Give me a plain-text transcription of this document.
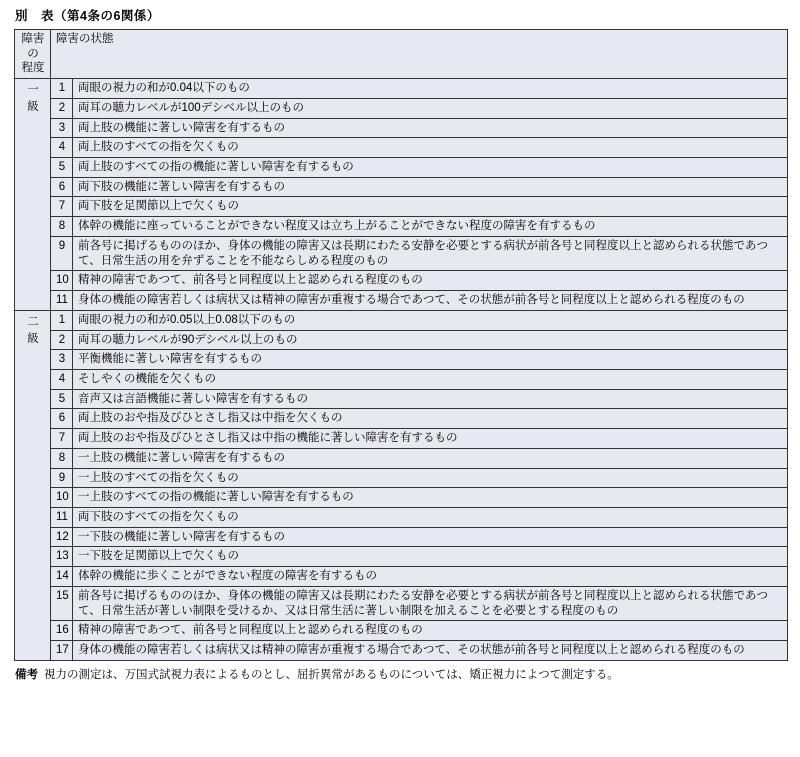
別　表（第4条の6関係）
障害の
程度	障害の状態	

一
級	1	両眼の視力の和が0.04以下のもの
	2	両耳の聴力レベルが100デシベル以上のもの
	3	両上肢の機能に著しい障害を有するもの
	4	両上肢のすべての指を欠くもの
	5	両上肢のすべての指の機能に著しい障害を有するもの
	6	両下肢の機能に著しい障害を有するもの
	7	両下肢を足関節以上で欠くもの
	8	体幹の機能に座っていることができない程度又は立ち上がることができない程度の障害を有するもの
	9	前各号に掲げるもののほか、身体の機能の障害又は長期にわたる安静を必要とする病状が前各号と同程度以上と認められる状態であつて、日常生活の用を弁ずることを不能ならしめる程度のもの
	10	精神の障害であつて、前各号と同程度以上と認められる程度のもの
	11	身体の機能の障害若しくは病状又は精神の障害が重複する場合であつて、その状態が前各号と同程度以上と認められる程度のもの

二
級	1	両眼の視力の和が0.05以上0.08以下のもの
	2	両耳の聴力レベルが90デシベル以上のもの
	3	平衡機能に著しい障害を有するもの
	4	そしやくの機能を欠くもの
	5	音声又は言語機能に著しい障害を有するもの
	6	両上肢のおや指及びひとさし指又は中指を欠くもの
	7	両上肢のおや指及びひとさし指又は中指の機能に著しい障害を有するもの
	8	一上肢の機能に著しい障害を有するもの
	9	一上肢のすべての指を欠くもの
	10	一上肢のすべての指の機能に著しい障害を有するもの
	11	両下肢のすべての指を欠くもの
	12	一下肢の機能に著しい障害を有するもの
	13	一下肢を足関節以上で欠くもの
	14	体幹の機能に歩くことができない程度の障害を有するもの
	15	前各号に掲げるもののほか、身体の機能の障害又は長期にわたる安静を必要とする病状が前各号と同程度以上と認められる状態であつて、日常生活が著しい制限を受けるか、又は日常生活に著しい制限を加えることを必要とする程度のもの
	16	精神の障害であつて、前各号と同程度以上と認められる程度のもの
	17	身体の機能の障害若しくは病状又は精神の障害が重複する場合であつて、その状態が前各号と同程度以上と認められる程度のもの
備考 視力の測定は、万国式試視力表によるものとし、屈折異常があるものについては、矯正視力によつて測定する。
